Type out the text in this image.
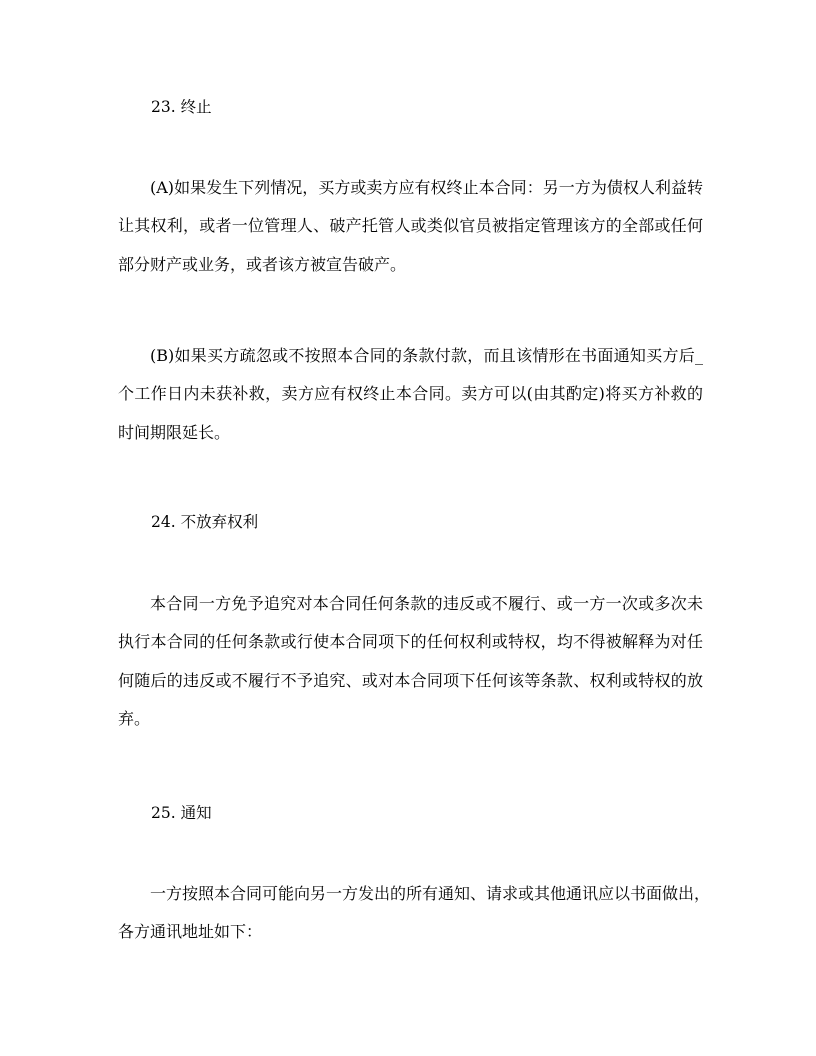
23. 终止
(A)如果发生下列情况，买方或卖方应有权终止本合同：另一方为债权人利益转
让其权利，或者一位管理人、破产托管人或类似官员被指定管理该方的全部或任何
部分财产或业务，或者该方被宣告破产。
(B)如果买方疏忽或不按照本合同的条款付款，而且该情形在书面通知买方后_
个工作日内未获补救，卖方应有权终止本合同。卖方可以(由其酌定)将买方补救的
时间期限延长。
24. 不放弃权利
本合同一方免予追究对本合同任何条款的违反或不履行、或一方一次或多次未
执行本合同的任何条款或行使本合同项下的任何权利或特权，均不得被解释为对任
何随后的违反或不履行不予追究、或对本合同项下任何该等条款、权利或特权的放
弃。
25. 通知
一方按照本合同可能向另一方发出的所有通知、请求或其他通讯应以书面做出，
各方通讯地址如下：
